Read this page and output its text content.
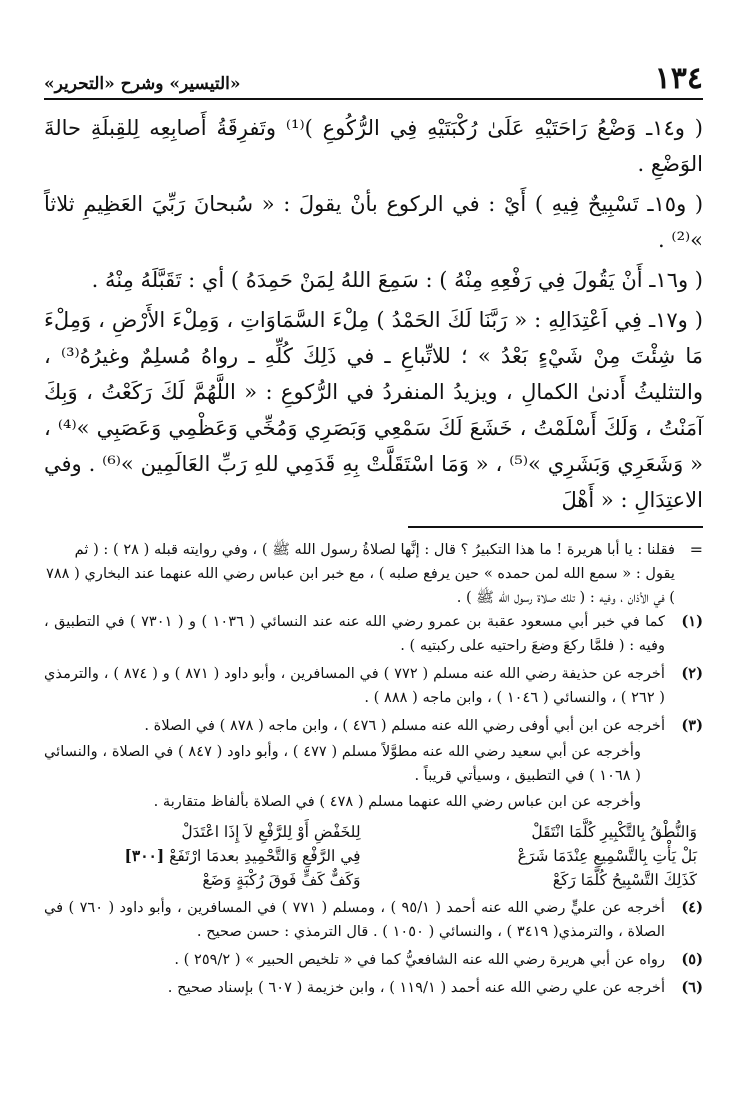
١٣٤
«التيسير» وشرح «التحرير»

( و١٤ـ وَضْعُ رَاحَتَيْهِ عَلَىٰ رُكْبَتَيْهِ فِي الرُّكُوعِ )⁽¹⁾ وتَفرِقَةُ أَصابِعِه لِلقِبلَةِ حالةَ الوَضْعِ .

( و١٥ـ تَسْبِيحٌ فِيهِ ) أَيْ : في الركوع بأنْ يقولَ : « سُبحانَ رَبِّيَ العَظِيمِ ثلاثاً »⁽²⁾ .

( و١٦ـ أَنْ يَقُولَ فِي رَفْعِهِ مِنْهُ ) : سَمِعَ اللهُ لِمَنْ حَمِدَهُ ) أي : تَقَبَّلَهُ مِنْهُ .

( و١٧ـ فِي اَعْتِدَالِهِ : « رَبَّنَا لَكَ الحَمْدُ ) مِلْءَ السَّمَاوَاتِ ، وَمِلْءَ الأَرْضِ ، وَمِلْءَ مَا شِئْتَ مِنْ شَيْءٍ بَعْدُ » ؛ للاتِّباعِ ـ في ذَلِكَ كُلِّهِ ـ رواهُ مُسلِمٌ وغيرُهُ⁽³⁾ ، والتثليثُ أَدنىٰ الكمالِ ، ويزيدُ المنفردُ في الرُّكوعِ : « اللَّهُمَّ لَكَ رَكَعْتُ ، وَبِكَ آمَنْتُ ، وَلَكَ أَسْلَمْتُ ، خَشَعَ لَكَ سَمْعِي وَبَصَرِي وَمُخِّي وَعَظْمِي وَعَصَبِي »⁽⁴⁾ ، « وَشَعَرِي وَبَشَرِي »⁽⁵⁾ ، « وَمَا اسْتَقَلَّتْ بِهِ قَدَمِي للهِ رَبِّ العَالَمِين »⁽⁶⁾ . وفي الاعتِدَالِ : « أَهْلَ

=
فقلنا : يا أبا هريرة ! ما هذا التكبيرُ ؟ قال : إنَّها لصلاةُ رسول الله ﷺ ) ، وفي روايته قبله ( ٢٨ ) : ( ثم يقول : « سمع الله لمن حمده » حين يرفع صلبه ) ، مع خبر ابن عباس رضي الله عنهما عند البخاري ( ٧٨٨ ) في الأذان ، وفيه : ( تلك صلاة رسول الله ﷺ ) .
(١)

كما في خبر أبي مسعود عقبة بن عمرو رضي الله عنه عند النسائي ( ١٠٣٦ ) و ( ٧٣٠١ ) في التطبيق ، وفيه : ( فلمَّا ركعَ وضعَ راحتيه على ركبتيه ) .

(٢)

أخرجه عن حذيفة رضي الله عنه مسلم ( ٧٧٢ ) في المسافرين ، وأبو داود ( ٨٧١ ) و ( ٨٧٤ ) ، والترمذي ( ٢٦٢ ) ، والنسائي ( ١٠٤٦ ) ، وابن ماجه ( ٨٨٨ ) .

(٣)

أخرجه عن ابن أبي أوفى رضي الله عنه مسلم ( ٤٧٦ ) ، وابن ماجه ( ٨٧٨ ) في الصلاة .

وأخرجه عن أبي سعيد رضي الله عنه مطوَّلاً مسلم ( ٤٧٧ ) ، وأبو داود ( ٨٤٧ ) في الصلاة ، والنسائي ( ١٠٦٨ ) في التطبيق ، وسيأتي قريباً .

وأخرجه عن ابن عباس رضي الله عنهما مسلم ( ٤٧٨ ) في الصلاة بألفاظ متقاربة .

وَالنُّطْقُ بِالتَّكْبِيرِ كُلَّمَا انْتَقَلْ
لِلخَفْضِ أَوْ لِلرَّفْعِ لاَ إِذَا اعْتَدَلْ
بَلْ يَأْتِ بِالتَّسْمِيعِ عِنْدَمَا شَرَعْ
فِي الرَّفْعِ وَالتَّحْمِيدِ بعدمَا ارْتَفَعْ [٣٠٠]
كَذَلِكَ التَّسْبِيحُ كُلَّمَا رَكَعْ
وَكَفٌّ كَفٍّ فَوقَ رُكْبَةٍ وَضَعْ
(٤)

أخرجه عن عليٍّ رضي الله عنه أحمد ( ٩٥/١ ) ، ومسلم ( ٧٧١ ) في المسافرين ، وأبو داود ( ٧٦٠ ) في الصلاة ، والترمذي( ٣٤١٩ ) ، والنسائي ( ١٠٥٠ ) . قال الترمذي : حسن صحيح .

(٥)

رواه عن أبي هريرة رضي الله عنه الشافعيُّ كما في « تلخيص الحبير » ( ٢٥٩/٢ ) .

(٦)

أخرجه عن علي رضي الله عنه أحمد ( ١١٩/١ ) ، وابن خزيمة ( ٦٠٧ ) بإسناد صحيح .
